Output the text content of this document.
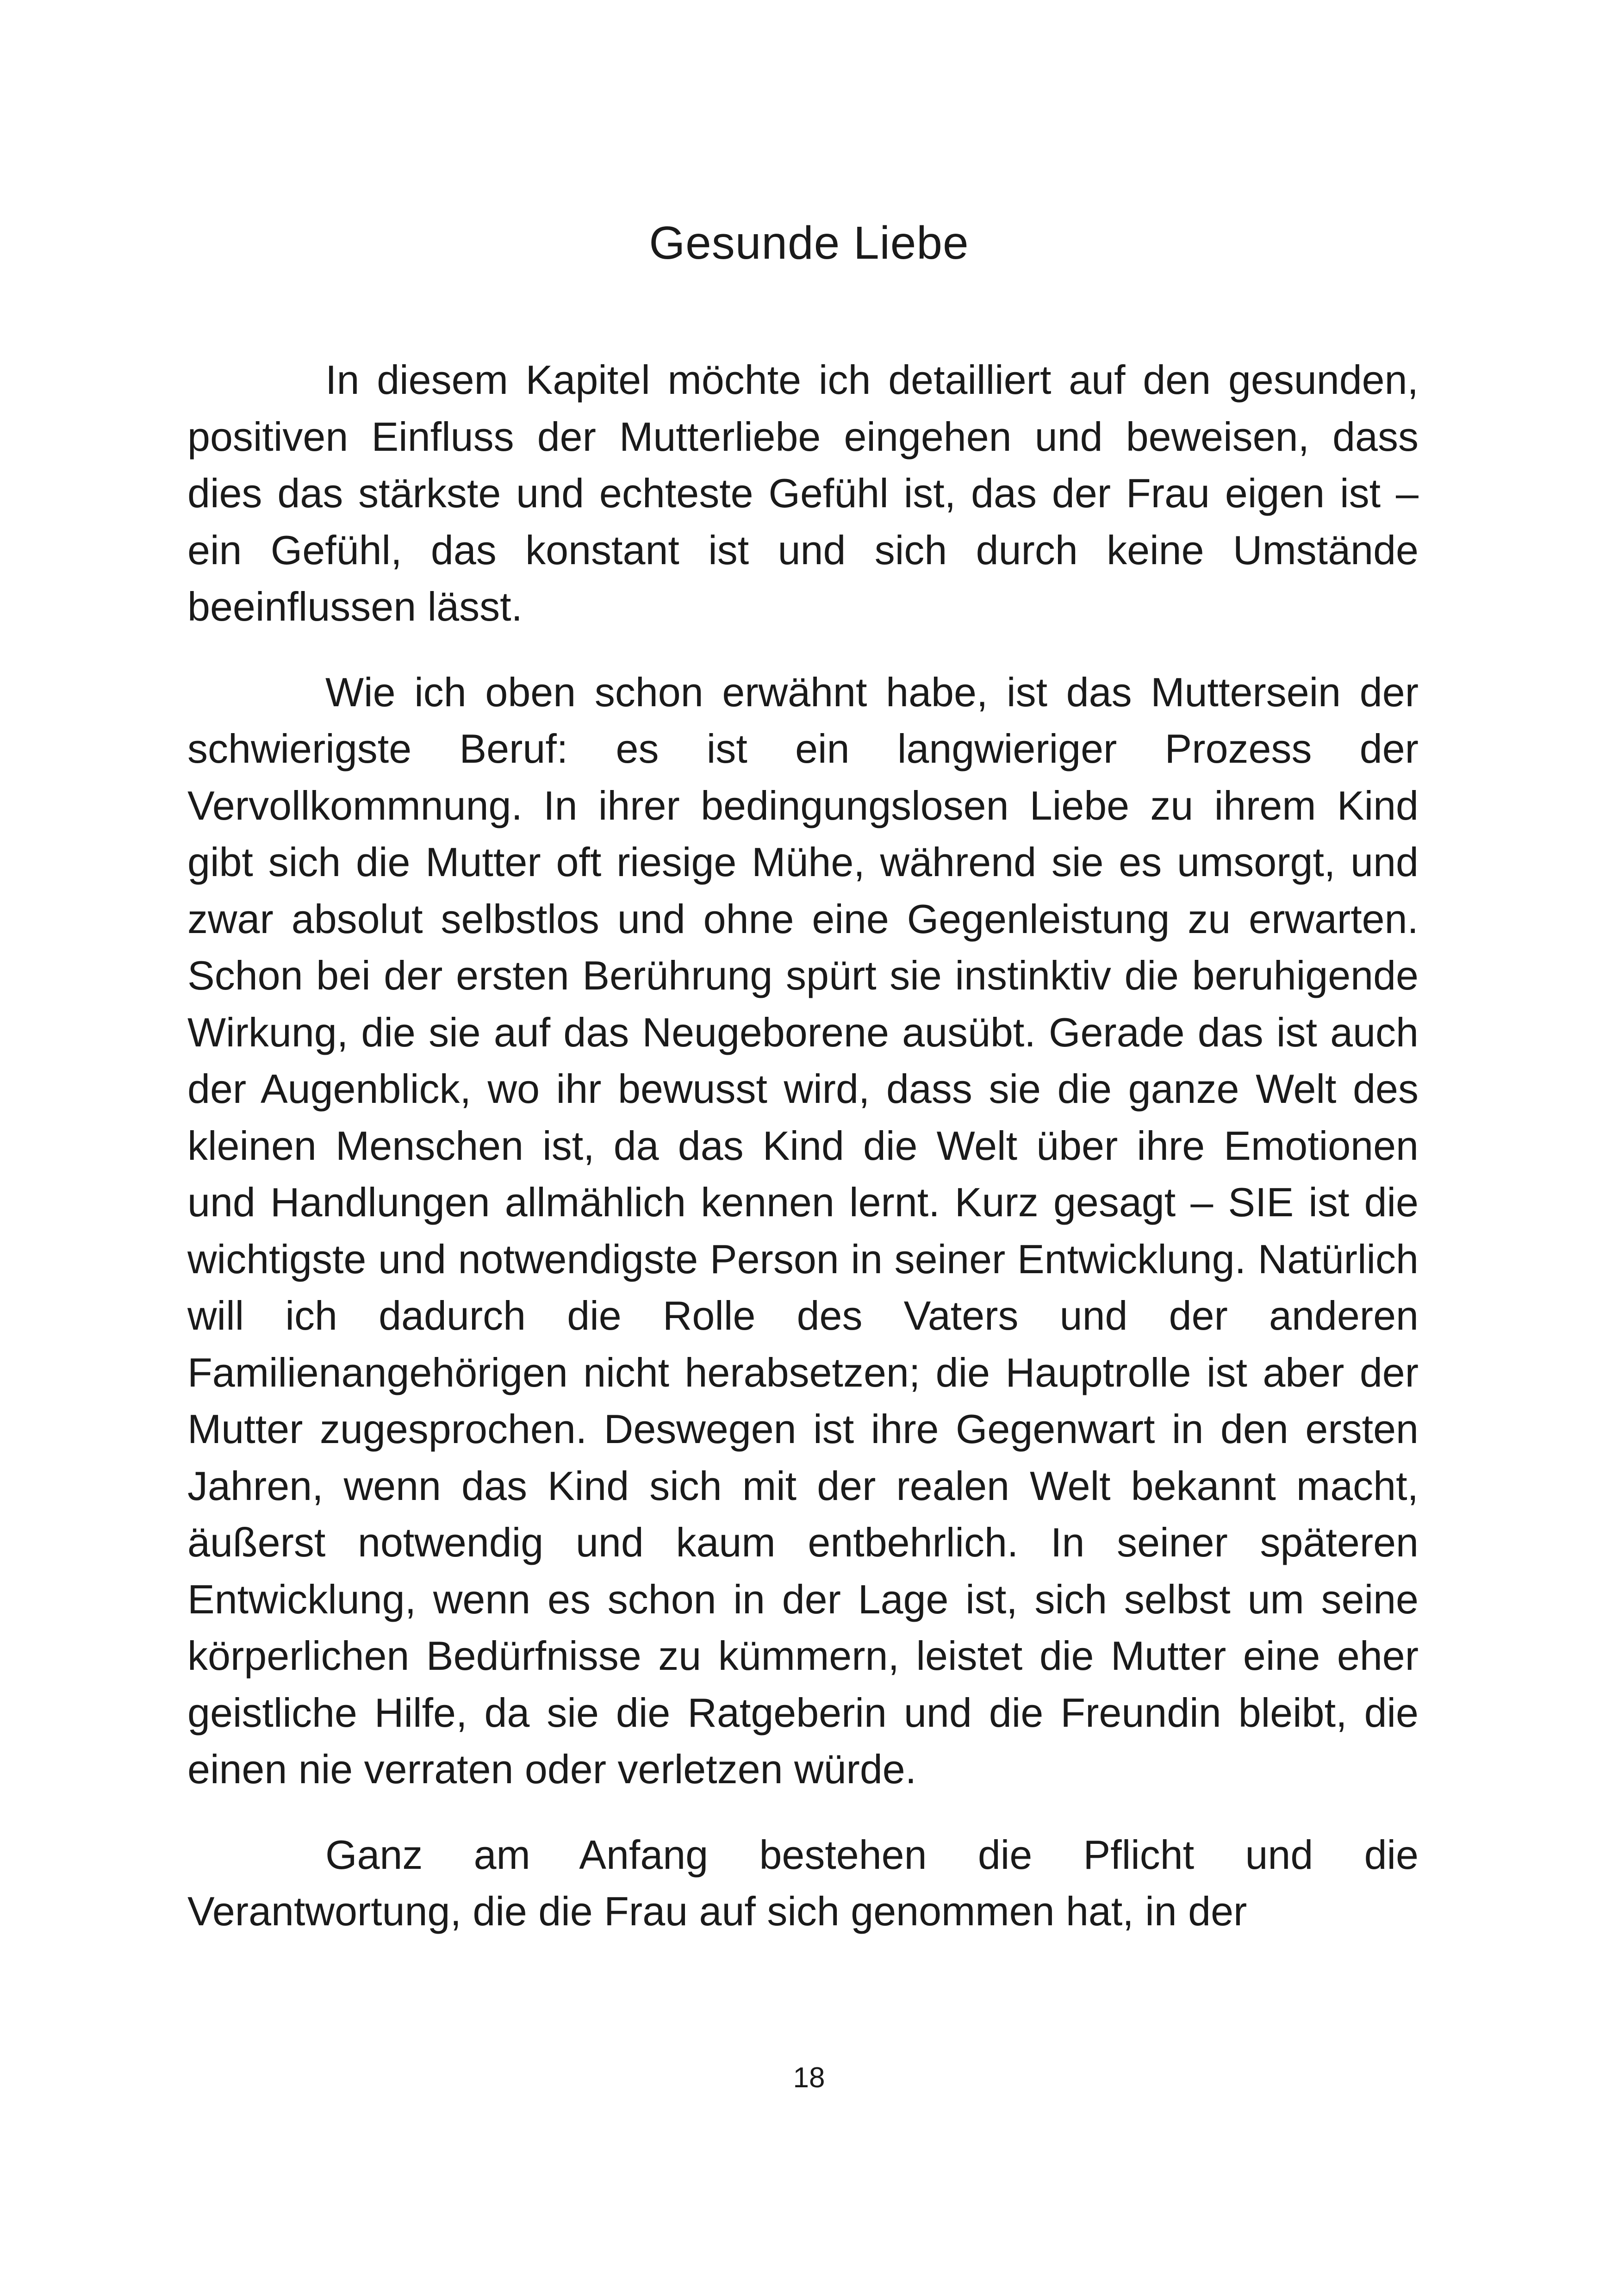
Gesunde Liebe

In diesem Kapitel möchte ich detailliert auf den gesunden, positiven Einfluss der Mutterliebe eingehen und beweisen, dass dies das stärkste und echteste Gefühl ist, das der Frau eigen ist – ein Gefühl, das konstant ist und sich durch keine Umstände beeinflussen lässt.

Wie ich oben schon erwähnt habe, ist das Muttersein der schwierigste Beruf: es ist ein langwieriger Prozess der Vervollkommnung. In ihrer bedingungslosen Liebe zu ihrem Kind gibt sich die Mutter oft riesige Mühe, während sie es umsorgt, und zwar absolut selbstlos und ohne eine Gegenleistung zu erwarten. Schon bei der ersten Berührung spürt sie instinktiv die beruhigende Wirkung, die sie auf das Neugeborene ausübt. Gerade das ist auch der Augenblick, wo ihr bewusst wird, dass sie die ganze Welt des kleinen Menschen ist, da das Kind die Welt über ihre Emotionen und Handlungen allmählich kennen lernt. Kurz gesagt – SIE ist die wichtigste und notwendigste Person in seiner Entwicklung. Natürlich will ich dadurch die Rolle des Vaters und der anderen Familienangehörigen nicht herabsetzen; die Hauptrolle ist aber der Mutter zugesprochen. Deswegen ist ihre Gegenwart in den ersten Jahren, wenn das Kind sich mit der realen Welt bekannt macht, äußerst notwendig und kaum entbehrlich. In seiner späteren Entwicklung, wenn es schon in der Lage ist, sich selbst um seine körperlichen Bedürfnisse zu kümmern, leistet die Mutter eine eher geistliche Hilfe, da sie die Ratgeberin und die Freundin bleibt, die einen nie verraten oder verletzen würde.

Ganz am Anfang bestehen die Pflicht und die Verantwortung, die die Frau auf sich genommen hat, in der

18
